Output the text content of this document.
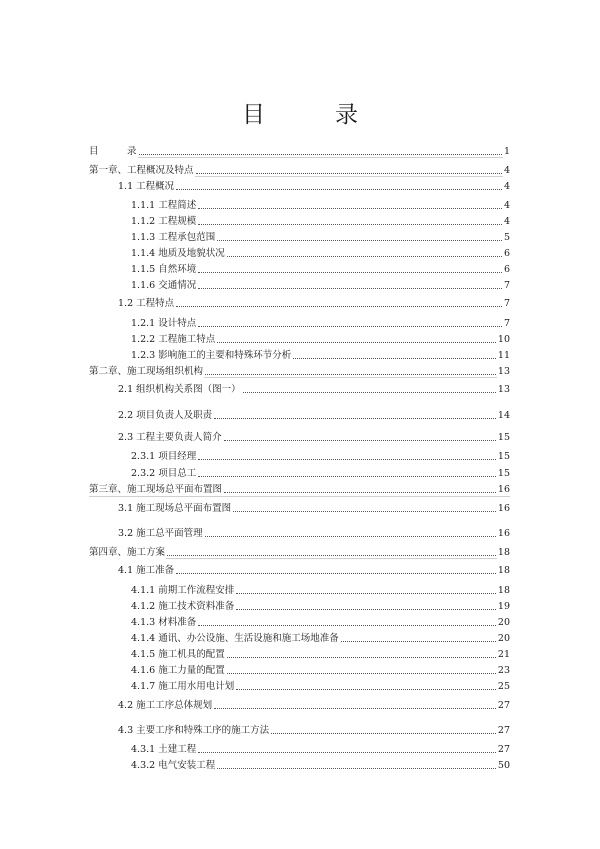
目	录
目　　　录	1
第一章、工程概况及特点	4
1.1 工程概况	4
1.1.1 工程简述	4
1.1.2 工程规模	4
1.1.3 工程承包范围	5
1.1.4 地质及地貌状况	6
1.1.5 自然环境	6
1.1.6 交通情况	7
1.2 工程特点	7
1.2.1 设计特点	7
1.2.2 工程施工特点	10
1.2.3 影响施工的主要和特殊环节分析	11
第二章、施工现场组织机构	13
2.1 组织机构关系图（图一）	13
2.2 项目负责人及职责	14
2.3 工程主要负责人简介	15
2.3.1 项目经理	15
2.3.2 项目总工	15
第三章、施工现场总平面布置图	16
3.1 施工现场总平面布置图	16
3.2 施工总平面管理	16
第四章、施工方案	18
4.1 施工准备	18
4.1.1 前期工作流程安排	18
4.1.2 施工技术资料准备	19
4.1.3 材料准备	20
4.1.4 通讯、办公设施、生活设施和施工场地准备	20
4.1.5 施工机具的配置	21
4.1.6 施工力量的配置	23
4.1.7 施工用水用电计划	25
4.2 施工工序总体规划	27
4.3 主要工序和特殊工序的施工方法	27
4.3.1 土建工程	27
4.3.2 电气安装工程	50
